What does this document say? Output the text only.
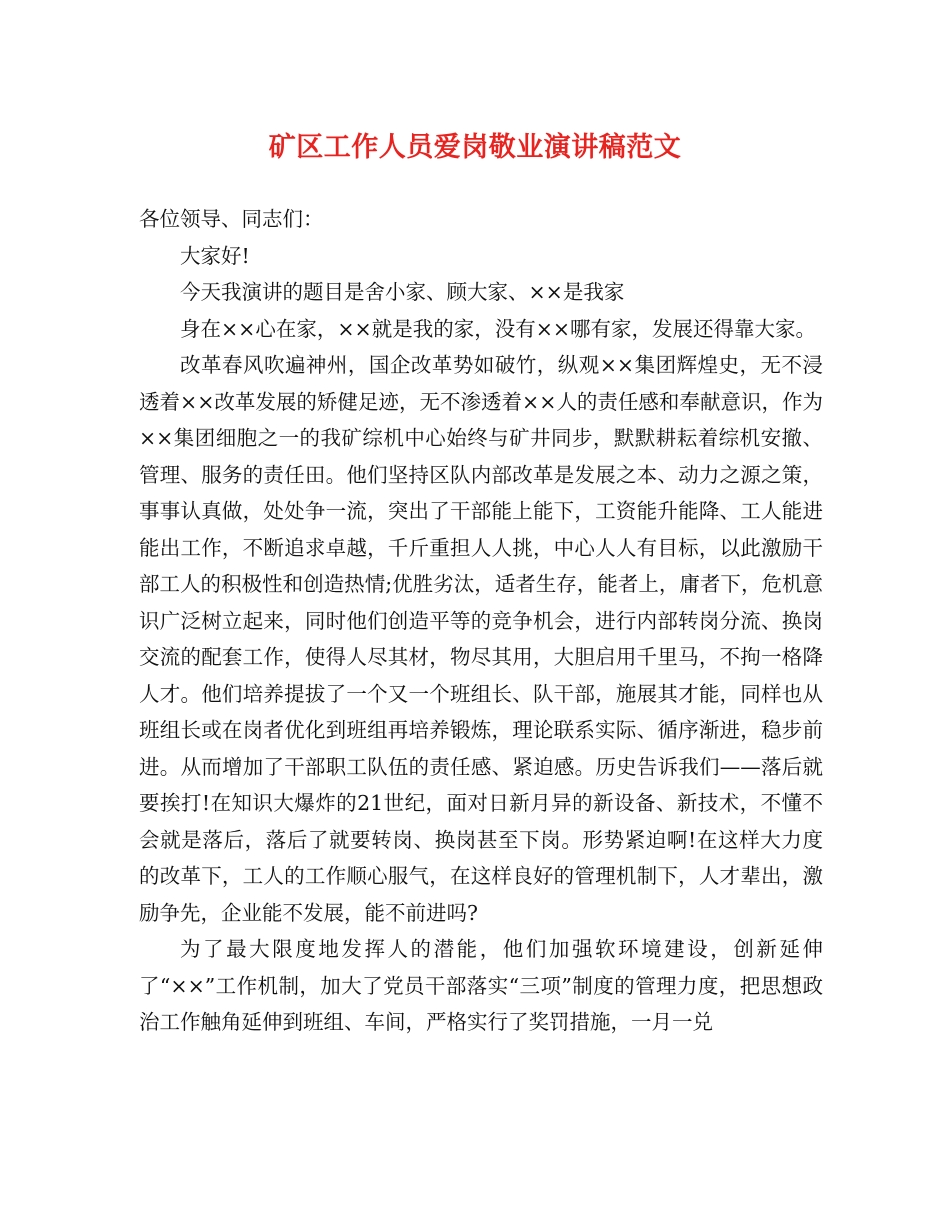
矿区工作人员爱岗敬业演讲稿范文

各位领导、同志们：

大家好!

今天我演讲的题目是舍小家、顾大家、××是我家

身在××心在家，××就是我的家，没有××哪有家，发展还得靠大家。

改革春风吹遍神州，国企改革势如破竹，纵观××集团辉煌史，无不浸透着××改革发展的矫健足迹，无不渗透着××人的责任感和奉献意识，作为××集团细胞之一的我矿综机中心始终与矿井同步，默默耕耘着综机安撤、管理、服务的责任田。他们坚持区队内部改革是发展之本、动力之源之策，事事认真做，处处争一流，突出了干部能上能下，工资能升能降、工人能进能出工作，不断追求卓越，千斤重担人人挑，中心人人有目标，以此激励干部工人的积极性和创造热情;优胜劣汰，适者生存，能者上，庸者下，危机意识广泛树立起来，同时他们创造平等的竞争机会，进行内部转岗分流、换岗交流的配套工作，使得人尽其材，物尽其用，大胆启用千里马，不拘一格降人才。他们培养提拔了一个又一个班组长、队干部，施展其才能，同样也从班组长或在岗者优化到班组再培养锻炼，理论联系实际、循序渐进，稳步前进。从而增加了干部职工队伍的责任感、紧迫感。历史告诉我们——落后就要挨打!在知识大爆炸的21世纪，面对日新月异的新设备、新技术，不懂不会就是落后，落后了就要转岗、换岗甚至下岗。形势紧迫啊!在这样大力度的改革下，工人的工作顺心服气，在这样良好的管理机制下，人才辈出，激励争先，企业能不发展，能不前进吗?

为了最大限度地发挥人的潜能，他们加强软环境建设，创新延伸了“××”工作机制，加大了党员干部落实“三项”制度的管理力度，把思想政治工作触角延伸到班组、车间，严格实行了奖罚措施，一月一兑
